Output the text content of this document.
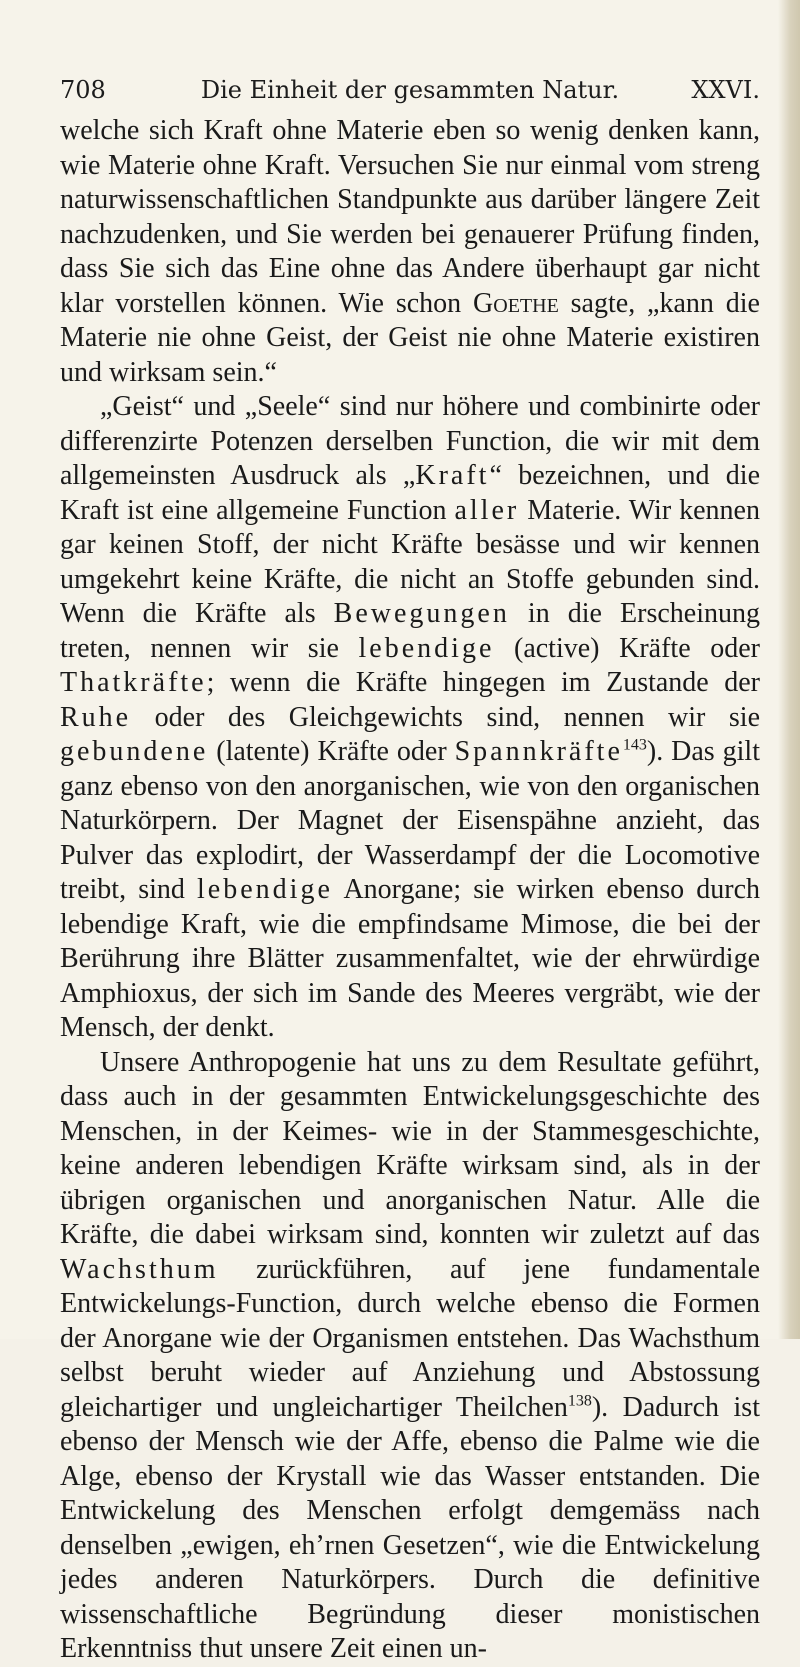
Die Einheit der gesammten Natur.
708	XXVI.

welche sich Kraft ohne Materie eben so wenig denken kann, wie Materie ohne Kraft. Versuchen Sie nur einmal vom streng naturwissenschaftlichen Standpunkte aus darüber längere Zeit nachzudenken, und Sie werden bei genauerer Prüfung finden, dass Sie sich das Eine ohne das Andere überhaupt gar nicht klar vorstellen können. Wie schon Goethe sagte, „kann die Materie nie ohne Geist, der Geist nie ohne Materie existiren und wirksam sein.“

„Geist“ und „Seele“ sind nur höhere und combinirte oder differenzirte Potenzen derselben Function, die wir mit dem allgemeinsten Ausdruck als „Kraft“ bezeichnen, und die Kraft ist eine allgemeine Function aller Materie. Wir kennen gar keinen Stoff, der nicht Kräfte besässe und wir kennen umgekehrt keine Kräfte, die nicht an Stoffe gebunden sind. Wenn die Kräfte als Bewegungen in die Erscheinung treten, nennen wir sie lebendige (active) Kräfte oder Thatkräfte; wenn die Kräfte hingegen im Zustande der Ruhe oder des Gleichgewichts sind, nennen wir sie gebundene (latente) Kräfte oder Spannkräfte$^{143}$). Das gilt ganz ebenso von den anorganischen, wie von den organischen Naturkörpern. Der Magnet der Eisenspähne anzieht, das Pulver das explodirt, der Wasserdampf der die Locomotive treibt, sind lebendige Anorgane; sie wirken ebenso durch lebendige Kraft, wie die empfindsame Mimose, die bei der Berührung ihre Blätter zusammenfaltet, wie der ehrwürdige Amphioxus, der sich im Sande des Meeres vergräbt, wie der Mensch, der denkt.

Unsere Anthropogenie hat uns zu dem Resultate geführt, dass auch in der gesammten Entwickelungsgeschichte des Menschen, in der Keimes- wie in der Stammesgeschichte, keine anderen lebendigen Kräfte wirksam sind, als in der übrigen organischen und anorganischen Natur. Alle die Kräfte, die dabei wirksam sind, konnten wir zuletzt auf das Wachsthum zurückführen, auf jene fundamentale Entwickelungs-Function, durch welche ebenso die Formen der Anorgane wie der Organismen entstehen. Das Wachsthum selbst beruht wieder auf Anziehung und Abstossung gleichartiger und ungleichartiger Theilchen$^{138}$). Dadurch ist ebenso der Mensch wie der Affe, ebenso die Palme wie die Alge, ebenso der Krystall wie das Wasser entstanden. Die Entwickelung des Menschen erfolgt demgemäss nach denselben „ewigen, eh’rnen Gesetzen“, wie die Entwickelung jedes anderen Naturkörpers. Durch die definitive wissenschaftliche Begründung dieser monistischen Erkenntniss thut unsere Zeit einen un-
